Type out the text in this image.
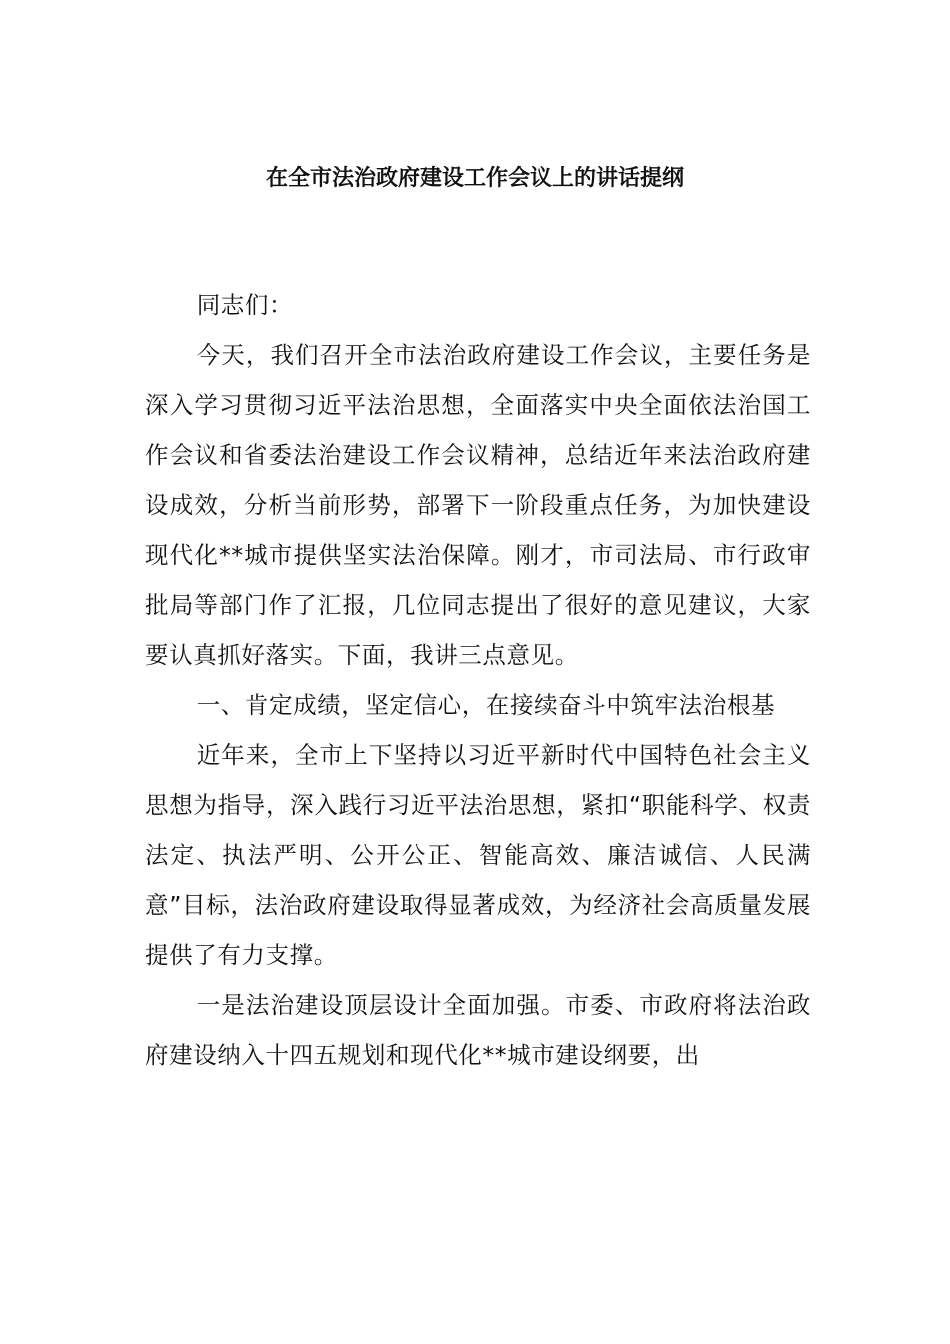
在全市法治政府建设工作会议上的讲话提纲

同志们：

今天，我们召开全市法治政府建设工作会议，主要任务是深入学习贯彻习近平法治思想，全面落实中央全面依法治国工作会议和省委法治建设工作会议精神，总结近年来法治政府建设成效，分析当前形势，部署下一阶段重点任务，为加快建设现代化**城市提供坚实法治保障。刚才，市司法局、市行政审批局等部门作了汇报，几位同志提出了很好的意见建议，大家要认真抓好落实。下面，我讲三点意见。

一、肯定成绩，坚定信心，在接续奋斗中筑牢法治根基

近年来，全市上下坚持以习近平新时代中国特色社会主义思想为指导，深入践行习近平法治思想，紧扣“职能科学、权责法定、执法严明、公开公正、智能高效、廉洁诚信、人民满意”目标，法治政府建设取得显著成效，为经济社会高质量发展提供了有力支撑。

一是法治建设顶层设计全面加强。市委、市政府将法治政府建设纳入十四五规划和现代化**城市建设纲要，出
